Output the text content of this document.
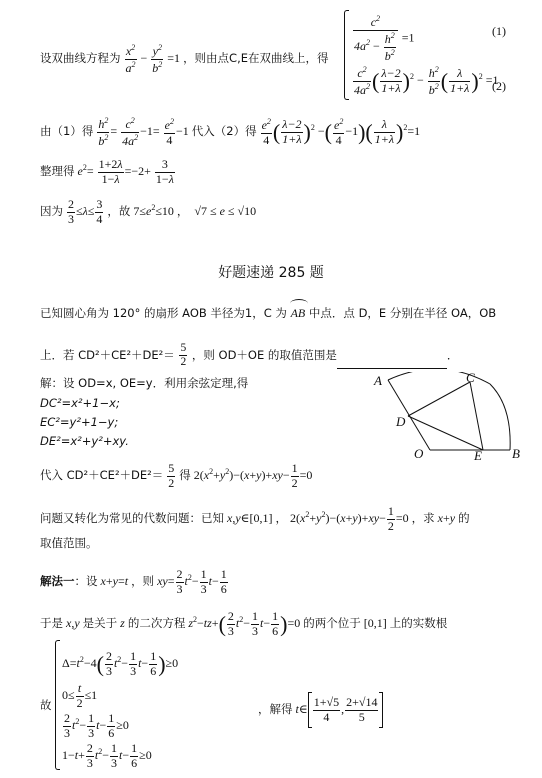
设双曲线方程为 $\frac{x^2}{a^2} - \frac{y^2}{b^2} =1$ ，则由点C,E在双曲线上，得 $\frac{c^2}{4a^2 - \frac{h^2}{b^2}} =1$	(1)
$\frac{c^2}{4a^2}$ ( $\frac{\lambda-2}{1+\lambda} )^2 - \frac{h^2}{b^2}$ ( $\frac{\lambda}{1+\lambda} )^2 =1$
(2)
由（1）得 $\frac{h^2}{b^2} = \frac{c^2}{4a^2} -1= \frac{e^2}{4} -1$ 代入（2）得 $\frac{e^2}{4}$ ( $\frac{\lambda-2}{1+\lambda} )^2$ −( $\frac{e^2}{4} -1)( \frac{\lambda}{1+\lambda} )^2=1$
整理得 $e^2= \frac{1+2\lambda}{1-\lambda} =-2+ \frac{3}{1-\lambda}$
因为 $\frac{2}{3} \le\lambda\le \frac{3}{4}$ ，故 $7\le e^2\le 10$ ，  √7 ≤ e ≤ √10
好题速递 285 题
已知圆心角为 120° 的扇形 AOB 半径为1，C 为 AB 中点．点 D，E 分别在半径 OA，OB
上．若 $CD^2+CE^2+DE^2= \frac{5}{2}$ ，则 OD＋OE 的取值范围是	．
解：设 OD=x, OE=y．利用余弦定理,得
DC²=x²+1−x;
EC²=y²+1−y;
DE²=x²+y²+xy.
代入 $CD^2+CE^2+DE^2= \frac{5}{2}$ 得 $2(x^2+y^2)-(x+y)+xy- \frac{1}{2} =0$
问题又转化为常见的代数问题：已知 x,y∈[0,1] ， $2(x^2+y^2)-(x+y)+xy- \frac{1}{2} =0$ ，求 x+y 的
取值范围。
解法一：设 x+y=t ，则 $xy= \frac{2}{3} t^2- \frac{1}{3} t- \frac{1}{6}$
于是 x,y 是关于 z 的二次方程 $z^2-tz+( \frac{2}{3} t^2- \frac{1}{3} t- \frac{1}{6} )=0$ 的两个位于 [0,1] 上的实数根
故
$\Delta=t^2-4( \frac{2}{3} t^2- \frac{1}{3} t- \frac{1}{6} )\ge 0$
$0\le \frac{t}{2} \le 1$
$\frac{2}{3} t^2- \frac{1}{3} t- \frac{1}{6} \ge 0$
$1-t+ \frac{2}{3} t^2- \frac{1}{3} t- \frac{1}{6} \ge 0$
，解得 t∈ $\frac{1+√5}{4}$ , $\frac{2+√14}{5}$
A	C
D
O	E B
